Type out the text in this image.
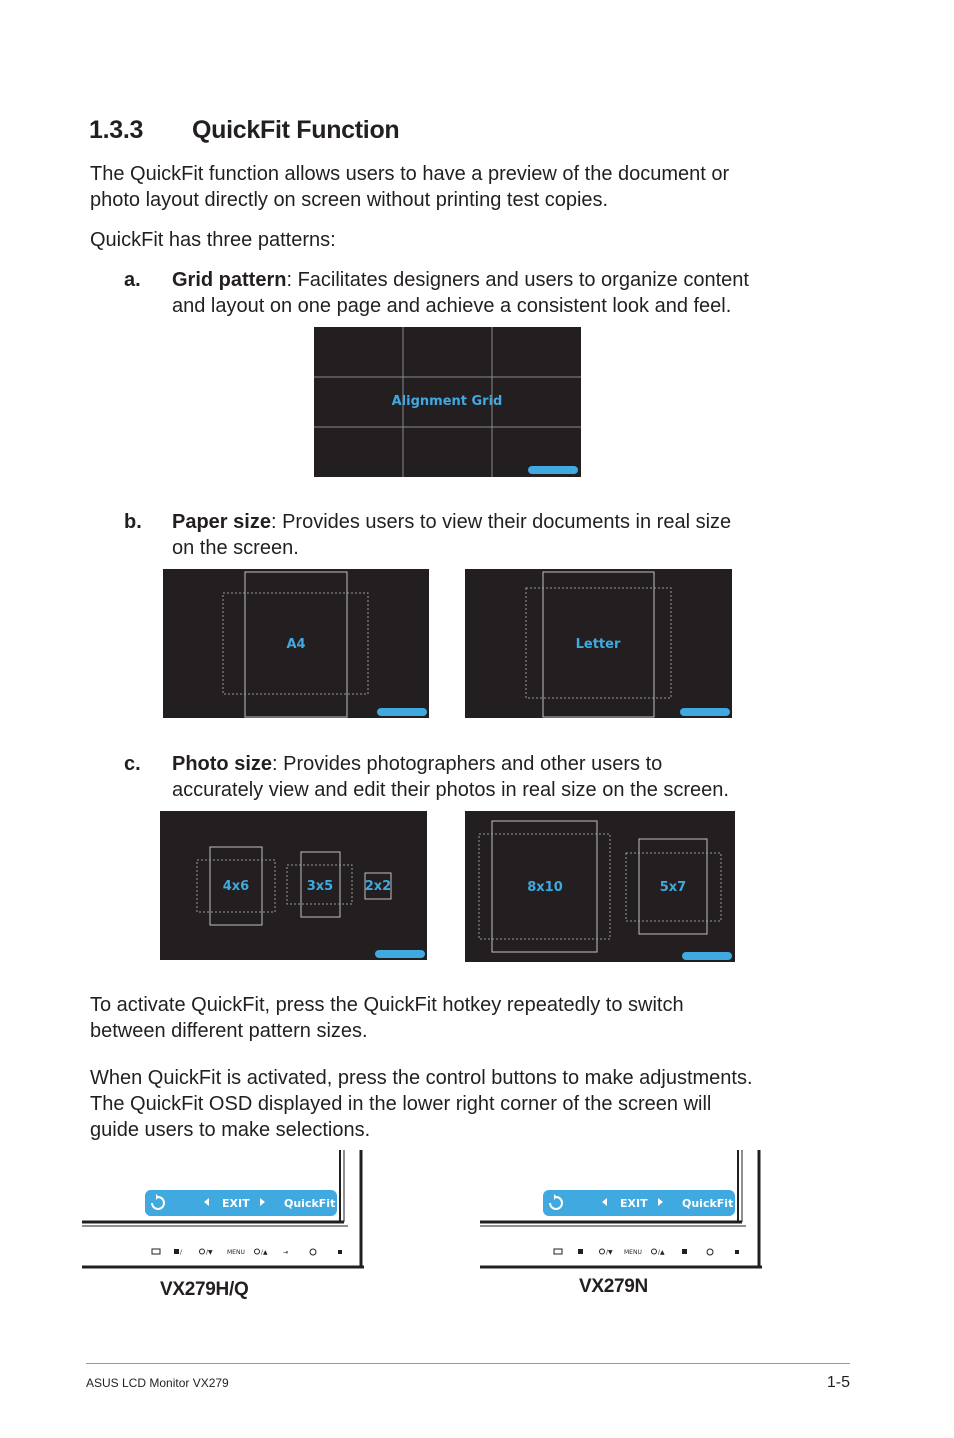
1.3.3 QuickFit Function
The QuickFit function allows users to have a preview of the document or
photo layout directly on screen without printing test copies.
QuickFit has three patterns:
a. Grid pattern: Facilitates designers and users to organize content
and layout on one page and achieve a consistent look and feel.
Alignment Grid
b. Paper size: Provides users to view their documents in real size
on the screen.
A4	Letter
c. Photo size: Provides photographers and other users to
accurately view and edit their photos in real size on the screen.
4x6	3x5 2x2	8x10	5x7
To activate QuickFit, press the QuickFit hotkey repeatedly to switch
between different pattern sizes.
When QuickFit is activated, press the control buttons to make adjustments.
The QuickFit OSD displayed in the lower right corner of the screen will
guide users to make selections.
EXIT	QuickFit
/	/▼ MENU	/▲	⇥
EXIT	QuickFit
/▼ MENU	/▲
VX279H/Q	VX279N
ASUS LCD Monitor VX279	1-5
